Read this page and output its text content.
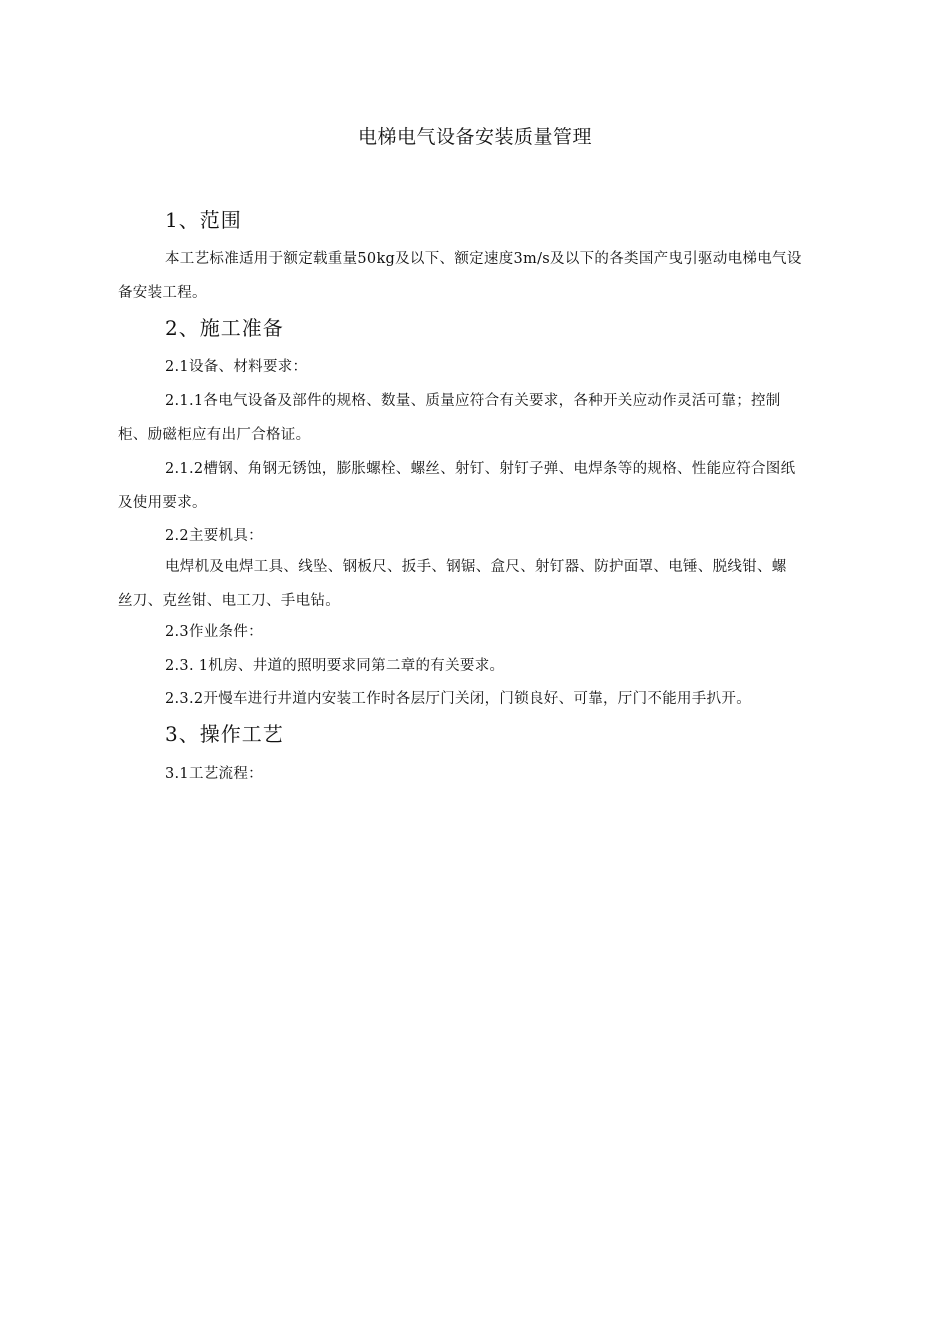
电梯电气设备安装质量管理
1、范围
本工艺标准适用于额定载重量50kg及以下、额定速度3m/s及以下的各类国产曳引驱动电梯电气设
备安装工程。
2、施工准备
2.1设备、材料要求：
2.1.1各电气设备及部件的规格、数量、质量应符合有关要求，各种开关应动作灵活可靠；控制
柜、励磁柜应有出厂合格证。
2.1.2槽钢、角钢无锈蚀，膨胀螺栓、螺丝、射钉、射钉子弹、电焊条等的规格、性能应符合图纸
及使用要求。
2.2主要机具：
电焊机及电焊工具、线坠、钢板尺、扳手、钢锯、盒尺、射钉器、防护面罩、电锤、脱线钳、螺
丝刀、克丝钳、电工刀、手电钻。
2.3作业条件：
2.3. 1机房、井道的照明要求同第二章的有关要求。
2.3.2开慢车进行井道内安装工作时各层厅门关闭，门锁良好、可靠，厅门不能用手扒开。
3、操作工艺
3.1工艺流程：
